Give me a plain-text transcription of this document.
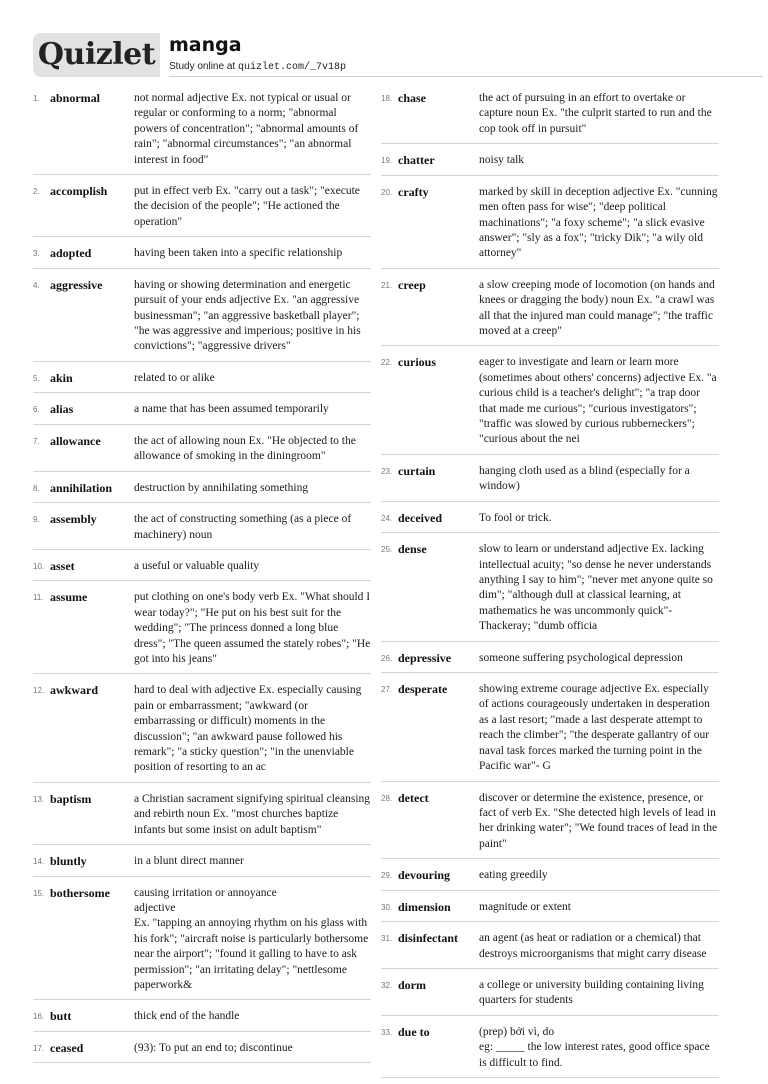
Quizlet manga
Study online at quizlet.com/_7v18p
1. abnormal	not normal adjective Ex. not typical or usual or regular or conforming to a norm; "abnormal powers of concentration"; "abnormal amounts of rain"; "abnormal circumstances"; "an abnormal interest in food"
2. accomplish	put in effect verb Ex. "carry out a task"; "execute the decision of the people"; "He actioned the operation"
3. adopted	having been taken into a specific relationship
4. aggressive	having or showing determination and energetic pursuit of your ends adjective Ex. "an aggressive businessman"; "an aggressive basketball player"; "he was aggressive and imperious; positive in his convictions"; "aggressive drivers"
5. akin	related to or alike
6. alias	a name that has been assumed temporarily
7. allowance	the act of allowing noun Ex. "He objected to the allowance of smoking in the diningroom"
8. annihilation	destruction by annihilating something
9. assembly	the act of constructing something (as a piece of machinery) noun
10. asset	a useful or valuable quality
11. assume	put clothing on one's body verb Ex. "What should I wear today?"; "He put on his best suit for the wedding"; "The princess donned a long blue dress"; "The queen assumed the stately robes"; "He got into his jeans"
12. awkward	hard to deal with adjective Ex. especially causing pain or embarrassment; "awkward (or embarrassing or difficult) moments in the discussion"; "an awkward pause followed his remark"; "a sticky question"; "in the unenviable position of resorting to an ac
13. baptism	a Christian sacrament signifying spiritual cleansing and rebirth noun Ex. "most churches baptize infants but some insist on adult baptism"
14. bluntly	in a blunt direct manner
15. bothersome	causing irritation or annoyance
adjective
Ex. "tapping an annoying rhythm on his glass with his fork"; "aircraft noise is particularly bothersome near the airport"; "found it galling to have to ask permission"; "an irritating delay"; "nettlesome paperwork&
16. butt	thick end of the handle
17. ceased	(93): To put an end to; discontinue
18. chase	the act of pursuing in an effort to overtake or capture noun Ex. "the culprit started to run and the cop took off in pursuit"
19. chatter	noisy talk
20. crafty	marked by skill in deception adjective Ex. "cunning men often pass for wise"; "deep political machinations"; "a foxy scheme"; "a slick evasive answer"; "sly as a fox"; "tricky Dik"; "a wily old attorney"
21. creep	a slow creeping mode of locomotion (on hands and knees or dragging the body) noun Ex. "a crawl was all that the injured man could manage"; "the traffic moved at a creep"
22. curious	eager to investigate and learn or learn more (sometimes about others' concerns) adjective Ex. "a curious child is a teacher's delight"; "a trap door that made me curious"; "curious investigators"; "traffic was slowed by curious rubberneckers"; "curious about the nei
23. curtain	hanging cloth used as a blind (especially for a window)
24. deceived	To fool or trick.
25. dense	slow to learn or understand adjective Ex. lacking intellectual acuity; "so dense he never understands anything I say to him"; "never met anyone quite so dim"; "although dull at classical learning, at mathematics he was uncommonly quick"- Thackeray; "dumb officia
26. depressive	someone suffering psychological depression
27. desperate	showing extreme courage adjective Ex. especially of actions courageously undertaken in desperation as a last resort; "made a last desperate attempt to reach the climber"; "the desperate gallantry of our naval task forces marked the turning point in the Pacific war"- G
28. detect	discover or determine the existence, presence, or fact of verb Ex. "She detected high levels of lead in her drinking water"; "We found traces of lead in the paint"
29. devouring	eating greedily
30. dimension	magnitude or extent
31. disinfectant	an agent (as heat or radiation or a chemical) that destroys microorganisms that might carry disease
32. dorm	a college or university building containing living quarters for students
33. due to	(prep) bởi vì, do
eg: _____ the low interest rates, good office space is difficult to find.
